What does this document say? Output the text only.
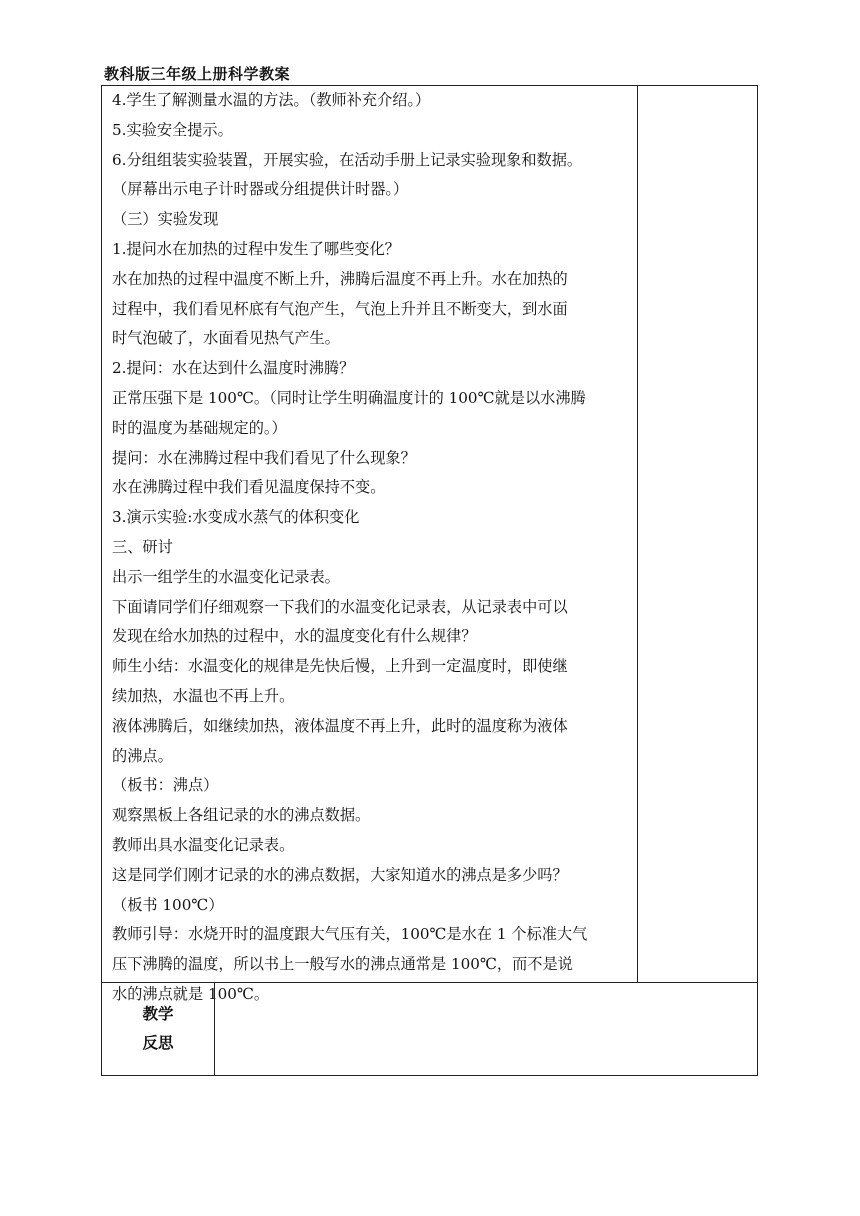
教科版三年级上册科学教案
4.学生了解测量水温的方法。（教师补充介绍。）
5.实验安全提示。
6.分组组装实验装置，开展实验，在活动手册上记录实验现象和数据。
（屏幕出示电子计时器或分组提供计时器。）
（三）实验发现
1.提问水在加热的过程中发生了哪些变化？
水在加热的过程中温度不断上升，沸腾后温度不再上升。水在加热的
过程中，我们看见杯底有气泡产生，气泡上升并且不断变大，到水面
时气泡破了，水面看见热气产生。
2.提问：水在达到什么温度时沸腾？
正常压强下是 100℃。（同时让学生明确温度计的 100℃就是以水沸腾
时的温度为基础规定的。）
提问：水在沸腾过程中我们看见了什么现象？
水在沸腾过程中我们看见温度保持不变。
3.演示实验:水变成水蒸气的体积变化
三、研讨
出示一组学生的水温变化记录表。
下面请同学们仔细观察一下我们的水温变化记录表，从记录表中可以
发现在给水加热的过程中，水的温度变化有什么规律？
师生小结：水温变化的规律是先快后慢，上升到一定温度时，即使继
续加热，水温也不再上升。
液体沸腾后，如继续加热，液体温度不再上升，此时的温度称为液体
的沸点。
（板书：沸点）
观察黑板上各组记录的水的沸点数据。
教师出具水温变化记录表。
这是同学们刚才记录的水的沸点数据，大家知道水的沸点是多少吗？
（板书 100℃）
教师引导：水烧开时的温度跟大气压有关，100℃是水在 1 个标准大气
压下沸腾的温度，所以书上一般写水的沸点通常是 100℃，而不是说
水的沸点就是 100℃。
教学
反思
